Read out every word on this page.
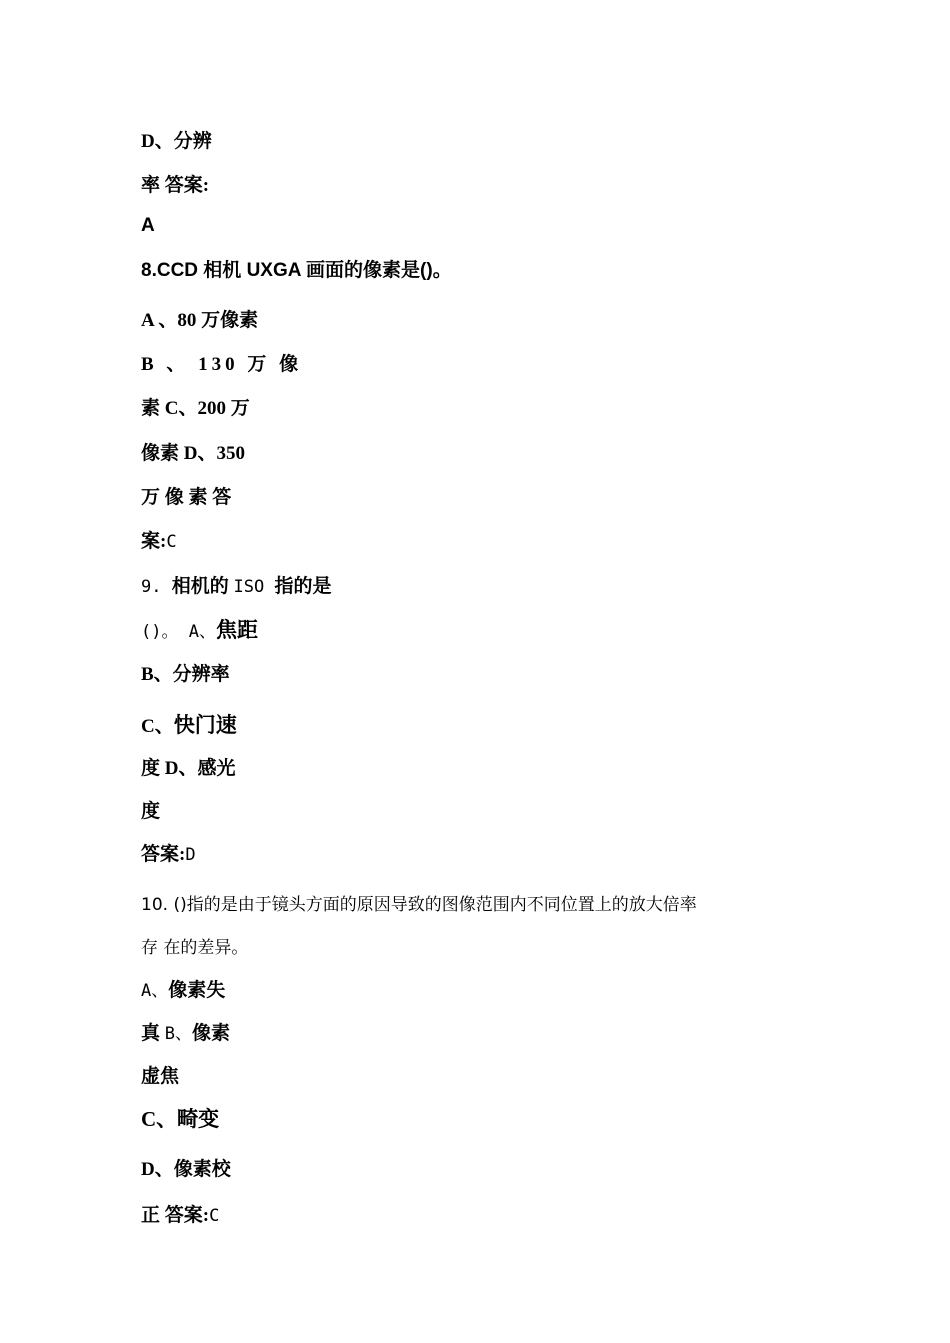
D、分辨
率 答案:
A
8.CCD 相机 UXGA 画面的像素是()。
A 、80 万像素
B 、 130 万 像
素 C、200 万
像素 D、350
万 像 素 答
案:C
9. 相机的 ISO 指的是
()。 A、焦距
B、分辨率
C、快门速
度 D、感光
度
答案:D
10. ()指的是由于镜头方面的原因导致的图像范围内不同位置上的放大倍率
存 在的差异。
A、像素失
真 B、像素
虚焦
C、畸变
D、像素校
正 答案:C
